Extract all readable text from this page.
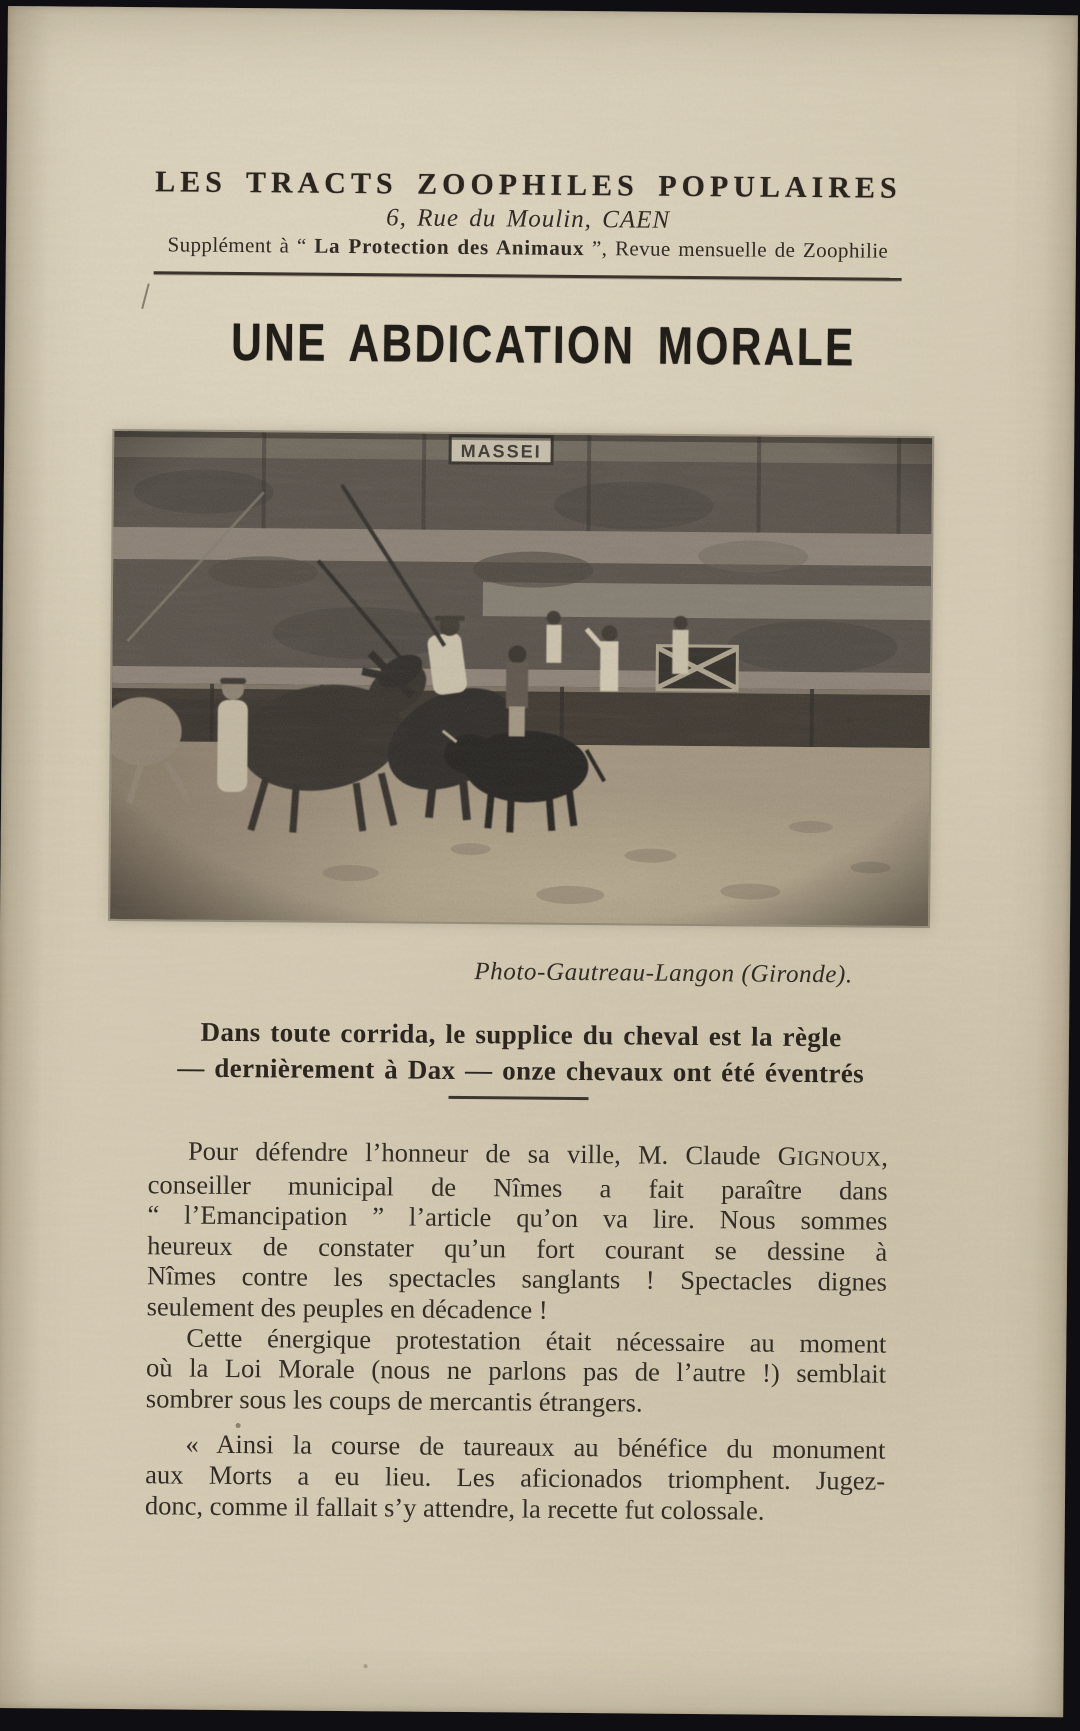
LES TRACTS ZOOPHILES POPULAIRES
6, Rue du Moulin, CAEN
Supplément à “ La Protection des Animaux ”, Revue mensuelle de Zoophilie
UNE ABDICATION MORALE
Photo-Gautreau-Langon (Gironde).
Dans toute corrida, le supplice du cheval est la règle
— dernièrement à Dax — onze chevaux ont été éventrés
Pour défendre l’honneur de sa ville, M. Claude GIGNOUX,
conseiller municipal de Nîmes a fait paraître dans
“ l’Emancipation ” l’article qu’on va lire. Nous sommes
heureux de constater qu’un fort courant se dessine à
Nîmes contre les spectacles sanglants ! Spectacles dignes
seulement des peuples en décadence !
Cette énergique protestation était nécessaire au moment
où la Loi Morale (nous ne parlons pas de l’autre !) semblait
sombrer sous les coups de mercantis étrangers.
« Ainsi la course de taureaux au bénéfice du monument
aux Morts a eu lieu. Les aficionados triomphent. Jugez-
donc, comme il fallait s’y attendre, la recette fut colossale.
